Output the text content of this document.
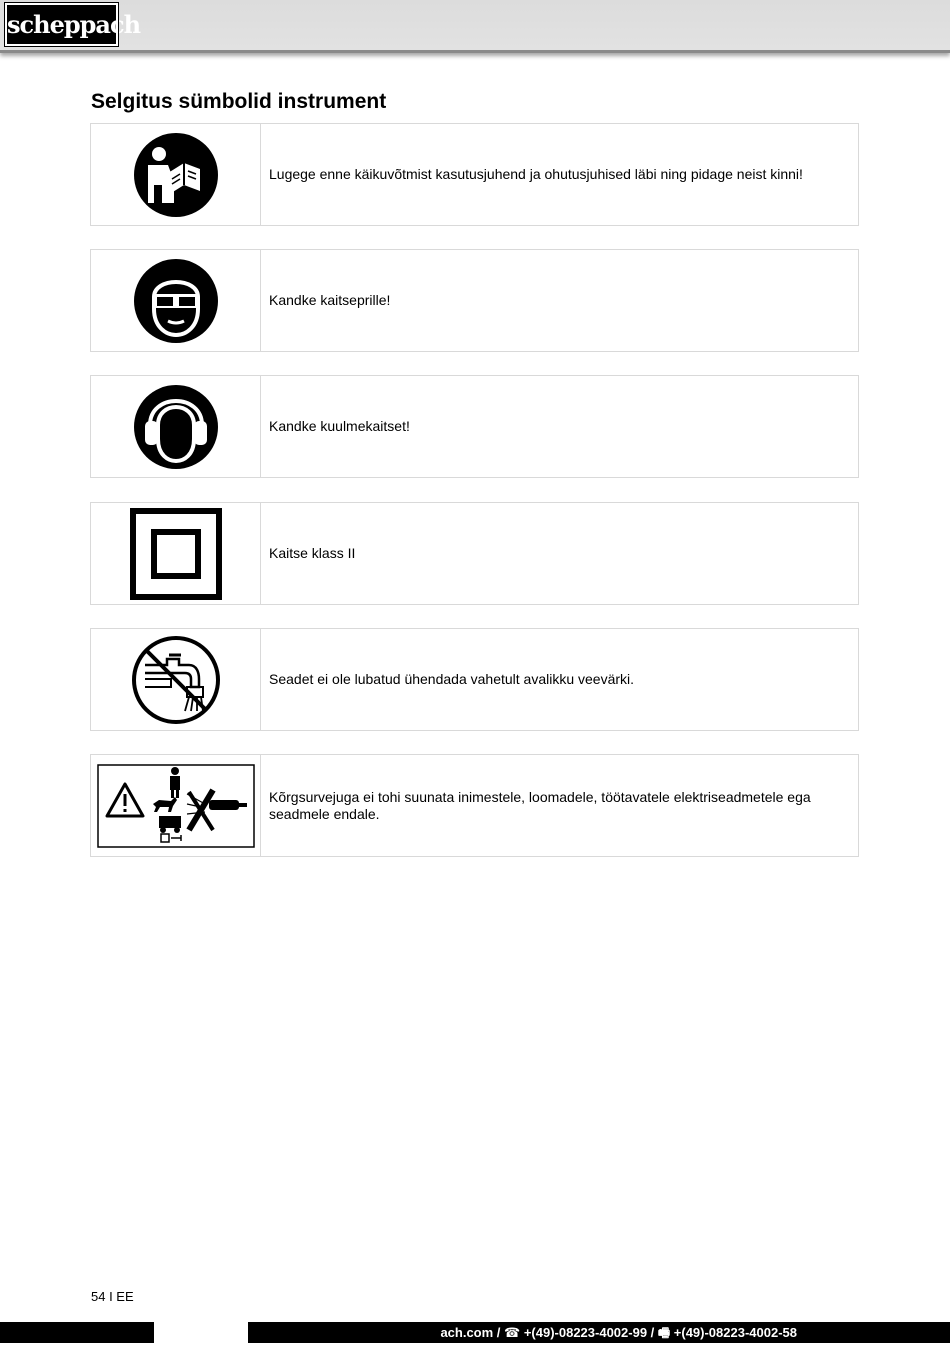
scheppach
Selgitus sümbolid instrument
Lugege enne käikuvõtmist kasutusjuhend ja ohutusjuhised läbi ning pidage neist kinni!
Kandke kaitseprille!
Kandke kuulmekaitset!
Kaitse klass II
Seadet ei ole lubatud ühendada vahetult avalikku veevärki.
Kõrgsurvejuga ei tohi suunata inimestele, loomadele, töötavatele elektriseadmetele ega seadmele endale.
54 I EE
ach.com / ☎ +(49)-08223-4002-99 / 🖷 +(49)-08223-4002-58
